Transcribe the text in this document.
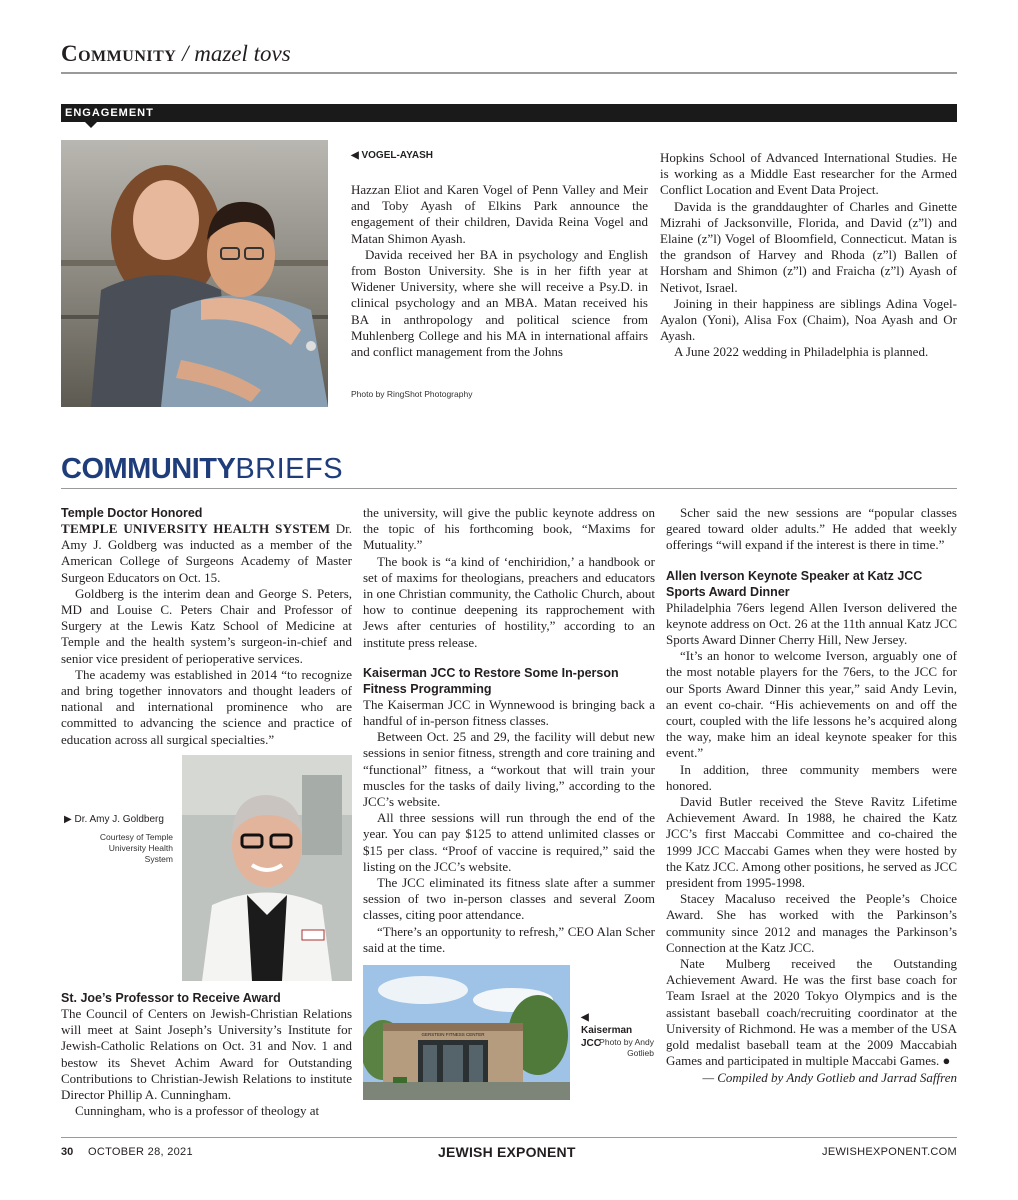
Community / mazel tovs
ENGAGEMENT
◀ VOGEL-AYASH

Hazzan Eliot and Karen Vogel of Penn Valley and Meir and Toby Ayash of Elkins Park announce the engagement of their children, Davida Reina Vogel and Matan Shimon Ayash.

Davida received her BA in psychology and English from Boston University. She is in her fifth year at Widener University, where she will receive a Psy.D. in clinical psychology and an MBA. Matan received his BA in anthropology and political science from Muhlenberg College and his MA in international affairs and conflict management from the Johns

Photo by RingShot Photography

Hopkins School of Advanced International Studies. He is working as a Middle East researcher for the Armed Conflict Location and Event Data Project.

Davida is the granddaughter of Charles and Ginette Mizrahi of Jacksonville, Florida, and David (z”l) and Elaine (z”l) Vogel of Bloomfield, Connecticut. Matan is the grandson of Harvey and Rhoda (z”l) Ballen of Horsham and Shimon (z”l) and Fraicha (z”l) Ayash of Netivot, Israel.

Joining in their happiness are siblings Adina Vogel-Ayalon (Yoni), Alisa Fox (Chaim), Noa Ayash and Or Ayash.

A June 2022 wedding in Philadelphia is planned.

COMMUNITYBRIEFS
Temple Doctor Honored

TEMPLE UNIVERSITY HEALTH SYSTEM Dr. Amy J. Goldberg was inducted as a member of the American College of Surgeons Academy of Master Surgeon Educators on Oct. 15.

Goldberg is the interim dean and George S. Peters, MD and Louise C. Peters Chair and Professor of Surgery at the Lewis Katz School of Medicine at Temple and the health system’s surgeon-in-chief and senior vice president of perioperative services.

The academy was established in 2014 “to recognize and bring together innovators and thought leaders of national and international prominence who are committed to advancing the science and practice of education across all surgical specialties.”

▶ Dr. Amy J. Goldberg
Courtesy of Temple University Health System
St. Joe’s Professor to Receive Award

The Council of Centers on Jewish-Christian Relations will meet at Saint Joseph’s University’s Institute for Jewish-Catholic Relations on Oct. 31 and Nov. 1 and bestow its Shevet Achim Award for Outstanding Contributions to Christian-Jewish Relations to institute Director Phillip A. Cunningham.

Cunningham, who is a professor of theology at

the university, will give the public keynote address on the topic of his forthcoming book, “Maxims for Mutuality.”

The book is “a kind of ‘enchiridion,’ a handbook or set of maxims for theologians, preachers and educators in one Christian community, the Catholic Church, about how to continue deepening its rapprochement with Jews after centuries of hostility,” according to an institute press release.

Kaiserman JCC to Restore Some In-person Fitness Programming

The Kaiserman JCC in Wynnewood is bringing back a handful of in-person fitness classes.

Between Oct. 25 and 29, the facility will debut new sessions in senior fitness, strength and core training and “functional” fitness, a “workout that will train your muscles for the tasks of daily living,” according to the JCC’s website.

All three sessions will run through the end of the year. You can pay $125 to attend unlimited classes or $15 per class. “Proof of vaccine is required,” said the listing on the JCC’s website.

The JCC eliminated its fitness slate after a summer session of two in-person classes and several Zoom classes, citing poor attendance.

“There’s an opportunity to refresh,” CEO Alan Scher said at the time.

GERSTEIN FITNESS CENTER
◀ Kaiserman JCC
Photo by Andy Gotlieb

Scher said the new sessions are “popular classes geared toward older adults.” He added that weekly offerings “will expand if the interest is there in time.”

Allen Iverson Keynote Speaker at Katz JCC Sports Award Dinner

Philadelphia 76ers legend Allen Iverson delivered the keynote address on Oct. 26 at the 11th annual Katz JCC Sports Award Dinner Cherry Hill, New Jersey.

“It’s an honor to welcome Iverson, arguably one of the most notable players for the 76ers, to the JCC for our Sports Award Dinner this year,” said Andy Levin, an event co-chair. “His achievements on and off the court, coupled with the life lessons he’s acquired along the way, make him an ideal keynote speaker for this event.”

In addition, three community members were honored.

David Butler received the Steve Ravitz Lifetime Achievement Award. In 1988, he chaired the Katz JCC’s first Maccabi Committee and co-chaired the 1999 JCC Maccabi Games when they were hosted by the Katz JCC. Among other positions, he served as JCC president from 1995-1998.

Stacey Macaluso received the People’s Choice Award. She has worked with the Parkinson’s community since 2012 and manages the Parkinson’s Connection at the Katz JCC.

Nate Mulberg received the Outstanding Achievement Award. He was the first base coach for Team Israel at the 2020 Tokyo Olympics and is the assistant baseball coach/recruiting coordinator at the University of Richmond. He was a member of the USA gold medalist baseball team at the 2009 Maccabiah Games and participated in multiple Maccabi Games. ●

— Compiled by Andy Gotlieb and Jarrad Saffren

30 OCTOBER 28, 2021	JEWISH EXPONENT	JEWISHEXPONENT.COM
